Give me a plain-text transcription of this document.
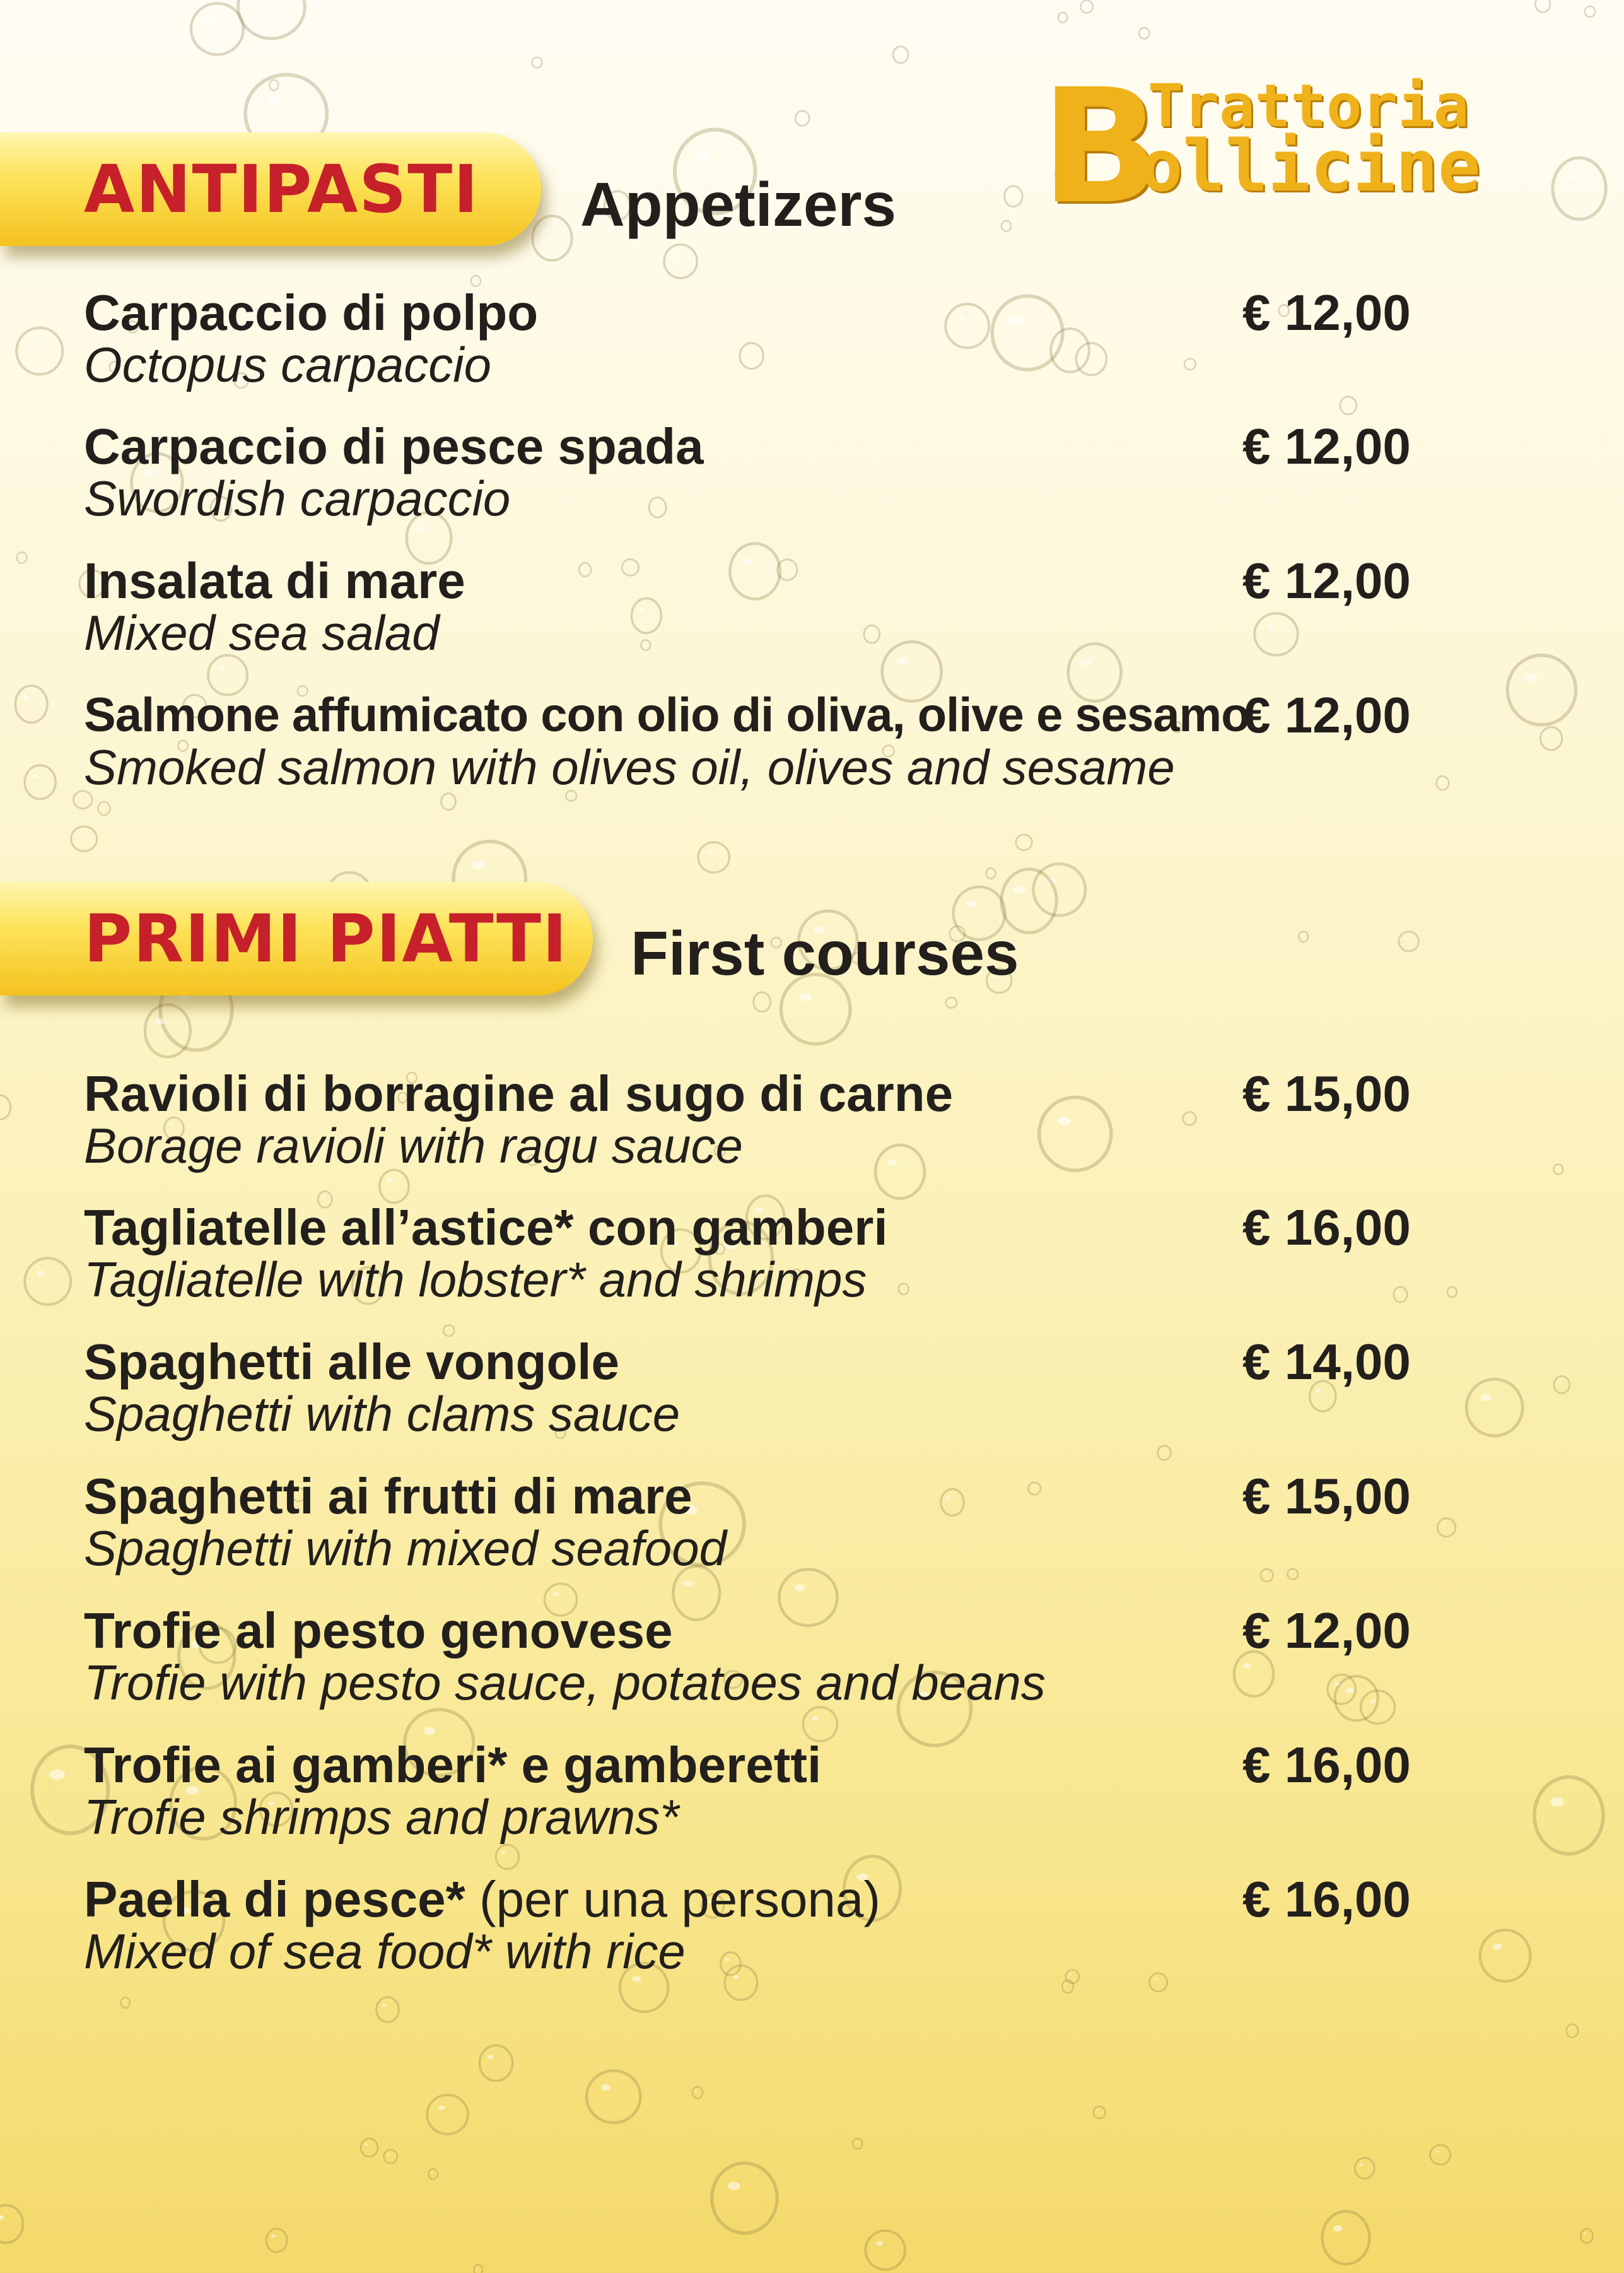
B
Trattoria
ollicine
ANTIPASTI Appetizers
Carpaccio di polpo
Octopus carpaccio
€ 12,00
Carpaccio di pesce spada
Swordish carpaccio
€ 12,00
Insalata di mare
Mixed sea salad
€ 12,00
Salmone affumicato con olio di oliva, olive e sesamo
Smoked salmon with olives oil, olives and sesame
€ 12,00
PRIMI PIATTI First courses
Ravioli di borragine al sugo di carne
Borage ravioli with ragu sauce
€ 15,00
Tagliatelle all’astice* con gamberi
Tagliatelle with lobster* and shrimps
€ 16,00
Spaghetti alle vongole
Spaghetti with clams sauce
€ 14,00
Spaghetti ai frutti di mare
Spaghetti with mixed seafood
€ 15,00
Trofie al pesto genovese
Trofie with pesto sauce, potatoes and beans
€ 12,00
Trofie ai gamberi* e gamberetti
Trofie shrimps and prawns*
€ 16,00
Paella di pesce* (per una persona)
Mixed of sea food* with rice
€ 16,00
